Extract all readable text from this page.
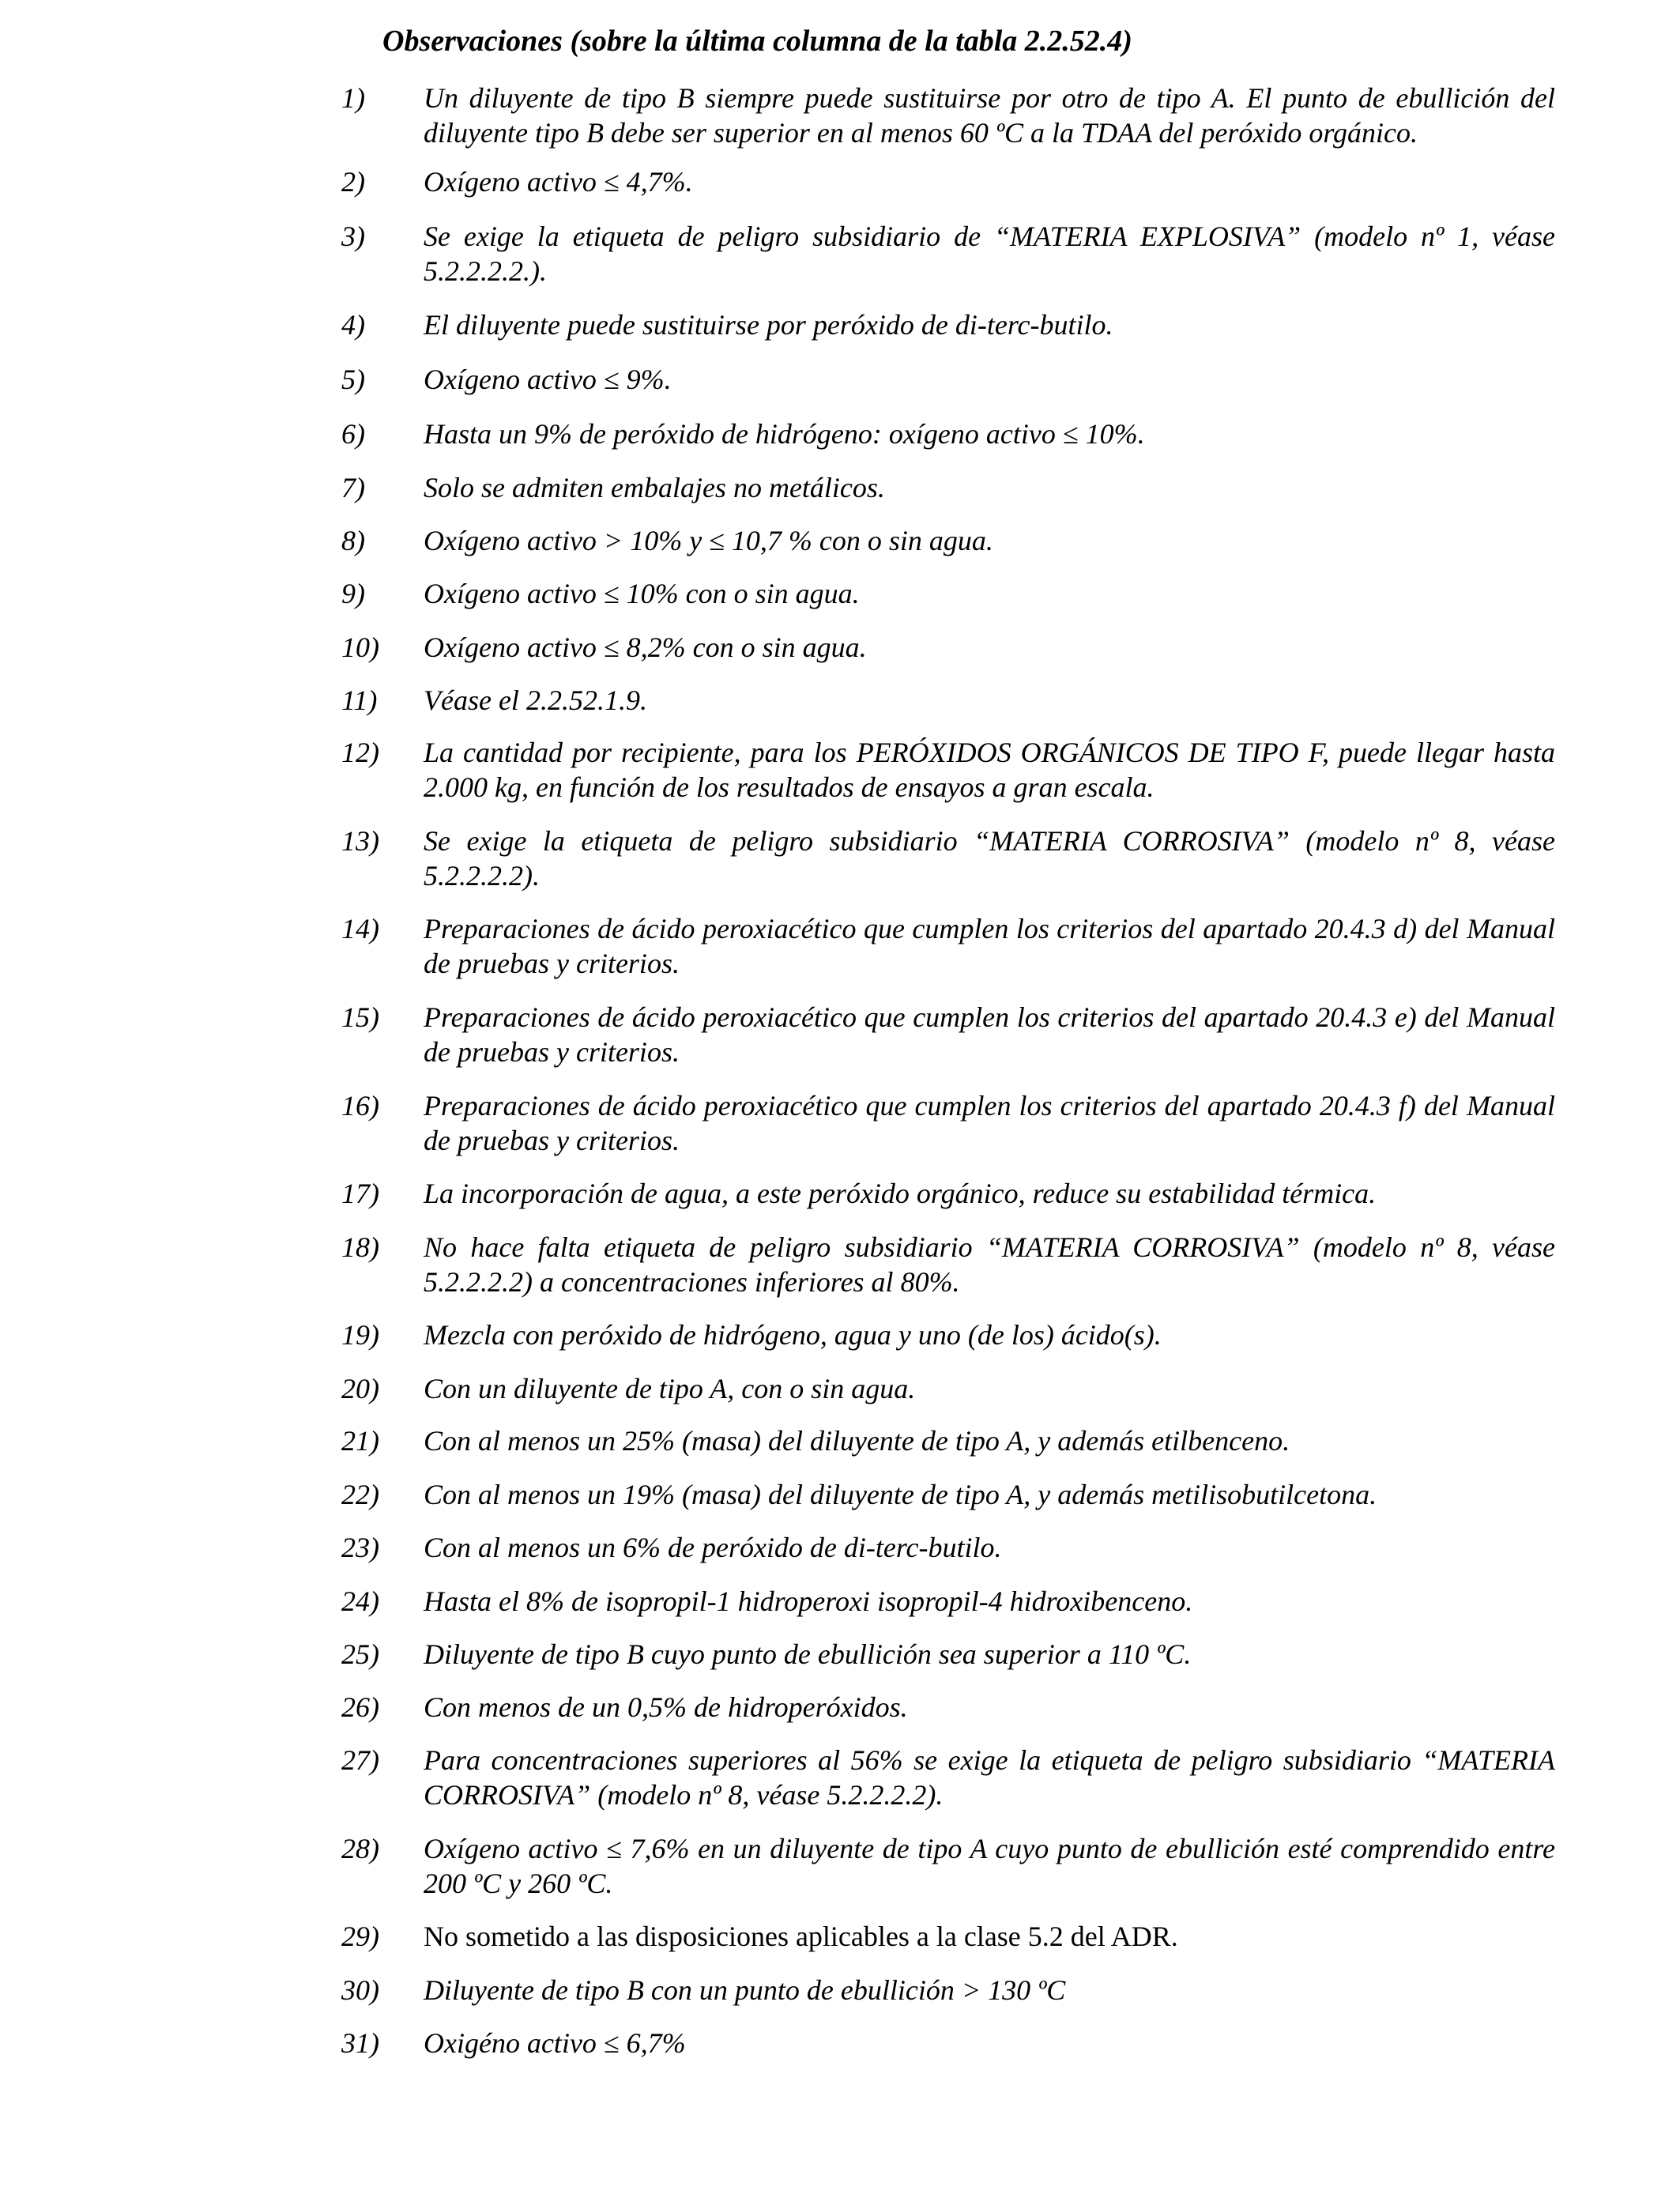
Observaciones (sobre la última columna de la tabla 2.2.52.4)
1) Un diluyente de tipo B siempre puede sustituirse por otro de tipo A. El punto de ebullición del diluyente tipo B debe ser superior en al menos 60 ºC a la TDAA del peróxido orgánico.
2) Oxígeno activo ≤ 4,7%.
3) Se exige la etiqueta de peligro subsidiario de “MATERIA EXPLOSIVA” (modelo nº 1, véase 5.2.2.2.2.).
4) El diluyente puede sustituirse por peróxido de di-terc-butilo.
5) Oxígeno activo ≤ 9%.
6) Hasta un 9% de peróxido de hidrógeno: oxígeno activo ≤ 10%.
7) Solo se admiten embalajes no metálicos.
8) Oxígeno activo > 10% y ≤ 10,7 % con o sin agua.
9) Oxígeno activo ≤ 10% con o sin agua.
10) Oxígeno activo ≤ 8,2% con o sin agua.
11) Véase el 2.2.52.1.9.
12) La cantidad por recipiente, para los PERÓXIDOS ORGÁNICOS DE TIPO F, puede llegar hasta 2.000 kg, en función de los resultados de ensayos a gran escala.
13) Se exige la etiqueta de peligro subsidiario “MATERIA CORROSIVA” (modelo nº 8, véase 5.2.2.2.2).
14) Preparaciones de ácido peroxiacético que cumplen los criterios del apartado 20.4.3 d) del Manual de pruebas y criterios.
15) Preparaciones de ácido peroxiacético que cumplen los criterios del apartado 20.4.3 e) del Manual de pruebas y criterios.
16) Preparaciones de ácido peroxiacético que cumplen los criterios del apartado 20.4.3 f) del Manual de pruebas y criterios.
17) La incorporación de agua, a este peróxido orgánico, reduce su estabilidad térmica.
18) No hace falta etiqueta de peligro subsidiario “MATERIA CORROSIVA” (modelo nº 8, véase 5.2.2.2.2) a concentraciones inferiores al 80%.
19) Mezcla con peróxido de hidrógeno, agua y uno (de los) ácido(s).
20) Con un diluyente de tipo A, con o sin agua.
21) Con al menos un 25% (masa) del diluyente de tipo A, y además etilbenceno.
22) Con al menos un 19% (masa) del diluyente de tipo A, y además metilisobutilcetona.
23) Con al menos un 6% de peróxido de di-terc-butilo.
24) Hasta el 8% de isopropil-1 hidroperoxi isopropil-4 hidroxibenceno.
25) Diluyente de tipo B cuyo punto de ebullición sea superior a 110 ºC.
26) Con menos de un 0,5% de hidroperóxidos.
27) Para concentraciones superiores al 56% se exige la etiqueta de peligro subsidiario “MATERIA CORROSIVA” (modelo nº 8, véase 5.2.2.2.2).
28) Oxígeno activo ≤ 7,6% en un diluyente de tipo A cuyo punto de ebullición esté comprendido entre 200 ºC y 260 ºC.
29) No sometido a las disposiciones aplicables a la clase 5.2 del ADR.
30) Diluyente de tipo B con un punto de ebullición > 130 ºC
31) Oxigéno activo ≤ 6,7%
